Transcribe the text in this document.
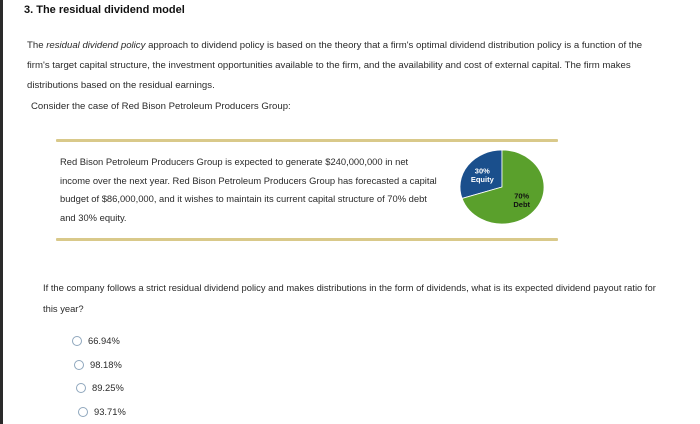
3. The residual dividend model
The residual dividend policy approach to dividend policy is based on the theory that a firm's optimal dividend distribution policy is a function of the
firm's target capital structure, the investment opportunities available to the firm, and the availability and cost of external capital. The firm makes
distributions based on the residual earnings.
Consider the case of Red Bison Petroleum Producers Group:
Red Bison Petroleum Producers Group is expected to generate $240,000,000 in net
income over the next year. Red Bison Petroleum Producers Group has forecasted a capital
budget of $86,000,000, and it wishes to maintain its current capital structure of 70% debt
and 30% equity.
30%
Equity
70%
Debt
If the company follows a strict residual dividend policy and makes distributions in the form of dividends, what is its expected dividend payout ratio for
this year?
66.94%
98.18%
89.25%
93.71%
